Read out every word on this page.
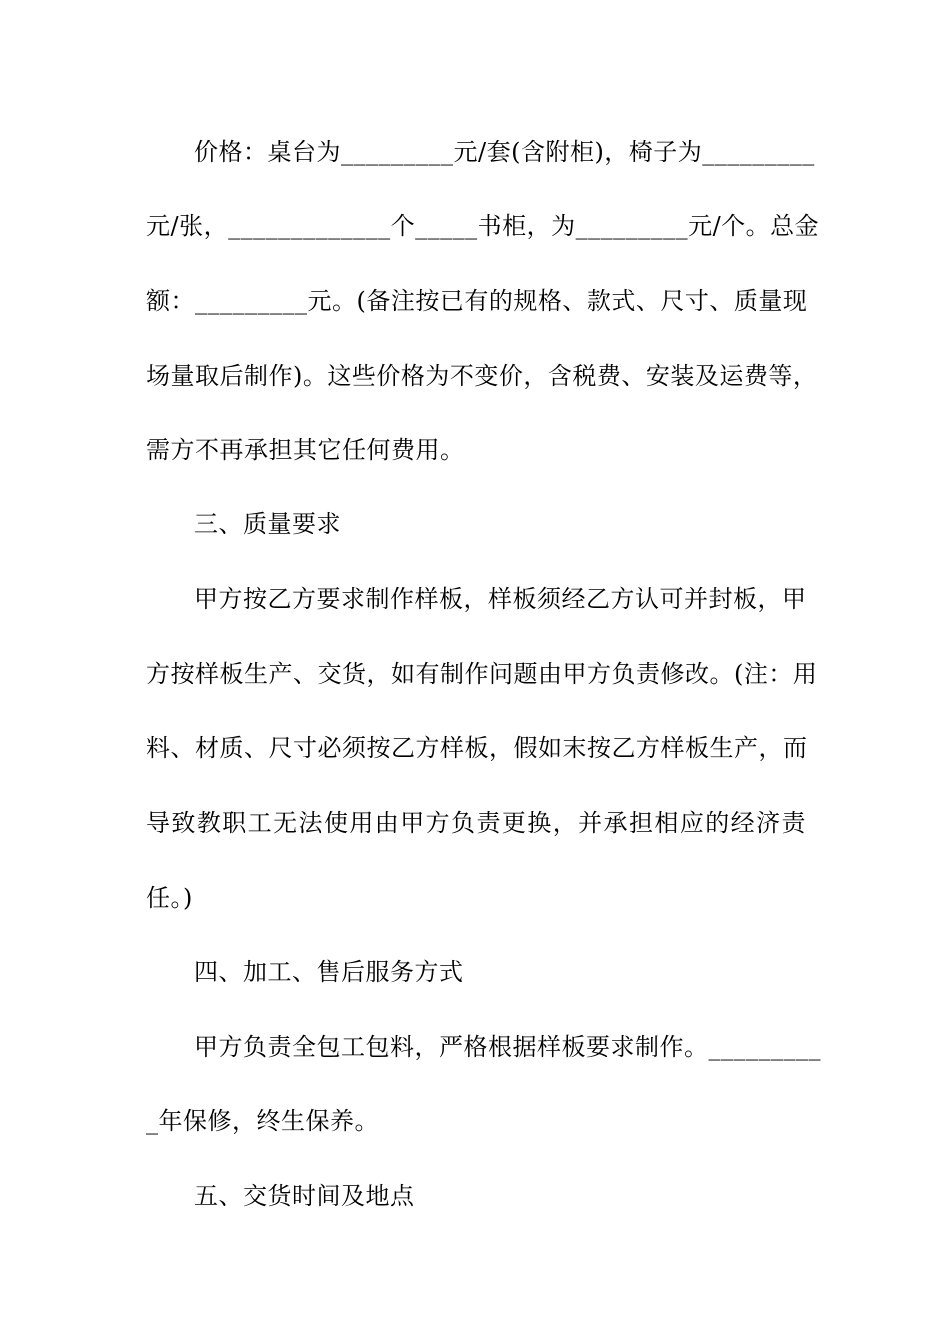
价格：桌台为_________元/套(含附柜)，椅子为_________
元/张，_____________个_____书柜，为_________元/个。总金
额：_________元。(备注按已有的规格、款式、尺寸、质量现
场量取后制作)。这些价格为不变价，含税费、安装及运费等，
需方不再承担其它任何费用。
三、质量要求
甲方按乙方要求制作样板，样板须经乙方认可并封板，甲
方按样板生产、交货，如有制作问题由甲方负责修改。(注：用
料、材质、尺寸必须按乙方样板，假如末按乙方样板生产，而
导致教职工无法使用由甲方负责更换，并承担相应的经济责
任。)
四、加工、售后服务方式
甲方负责全包工包料，严格根据样板要求制作。_________
_年保修，终生保养。
五、交货时间及地点
